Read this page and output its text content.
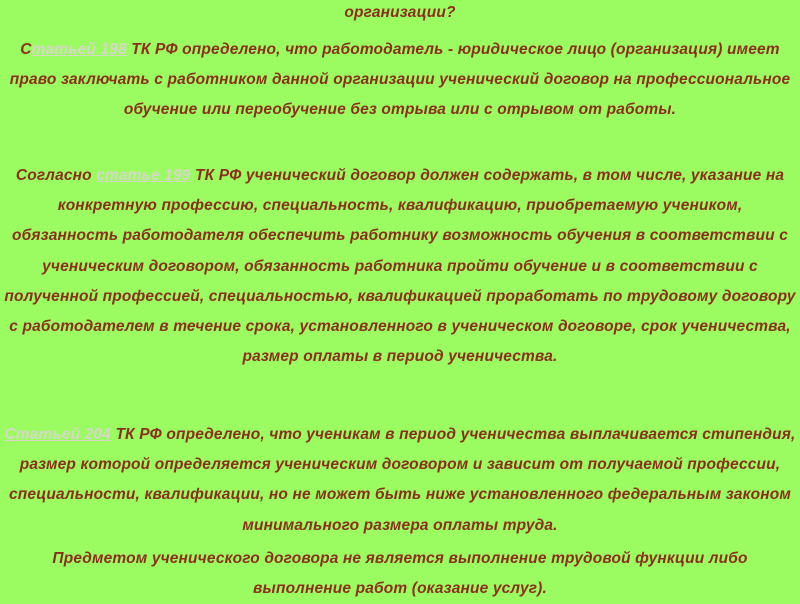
организации?

Статьей 198 ТК РФ определено, что работодатель - юридическое лицо (организация) имеет право заключать с работником данной организации ученический договор на профессиональное обучение или переобучение без отрыва или с отрывом от работы.

Согласно статье 199 ТК РФ ученический договор должен содержать, в том числе, указание на конкретную профессию, специальность, квалификацию, приобретаемую учеником, обязанность работодателя обеспечить работнику возможность обучения в соответствии с ученическим договором, обязанность работника пройти обучение и в соответствии с полученной профессией, специальностью, квалификацией проработать по трудовому договору с работодателем в течение срока, установленного в ученическом договоре, срок ученичества, размер оплаты в период ученичества.

Статьей 204 ТК РФ определено, что ученикам в период ученичества выплачивается стипендия, размер которой определяется ученическим договором и зависит от получаемой профессии, специальности, квалификации, но не может быть ниже установленного федеральным законом минимального размера оплаты труда.

Предметом ученического договора не является выполнение трудовой функции либо выполнение работ (оказание услуг).
